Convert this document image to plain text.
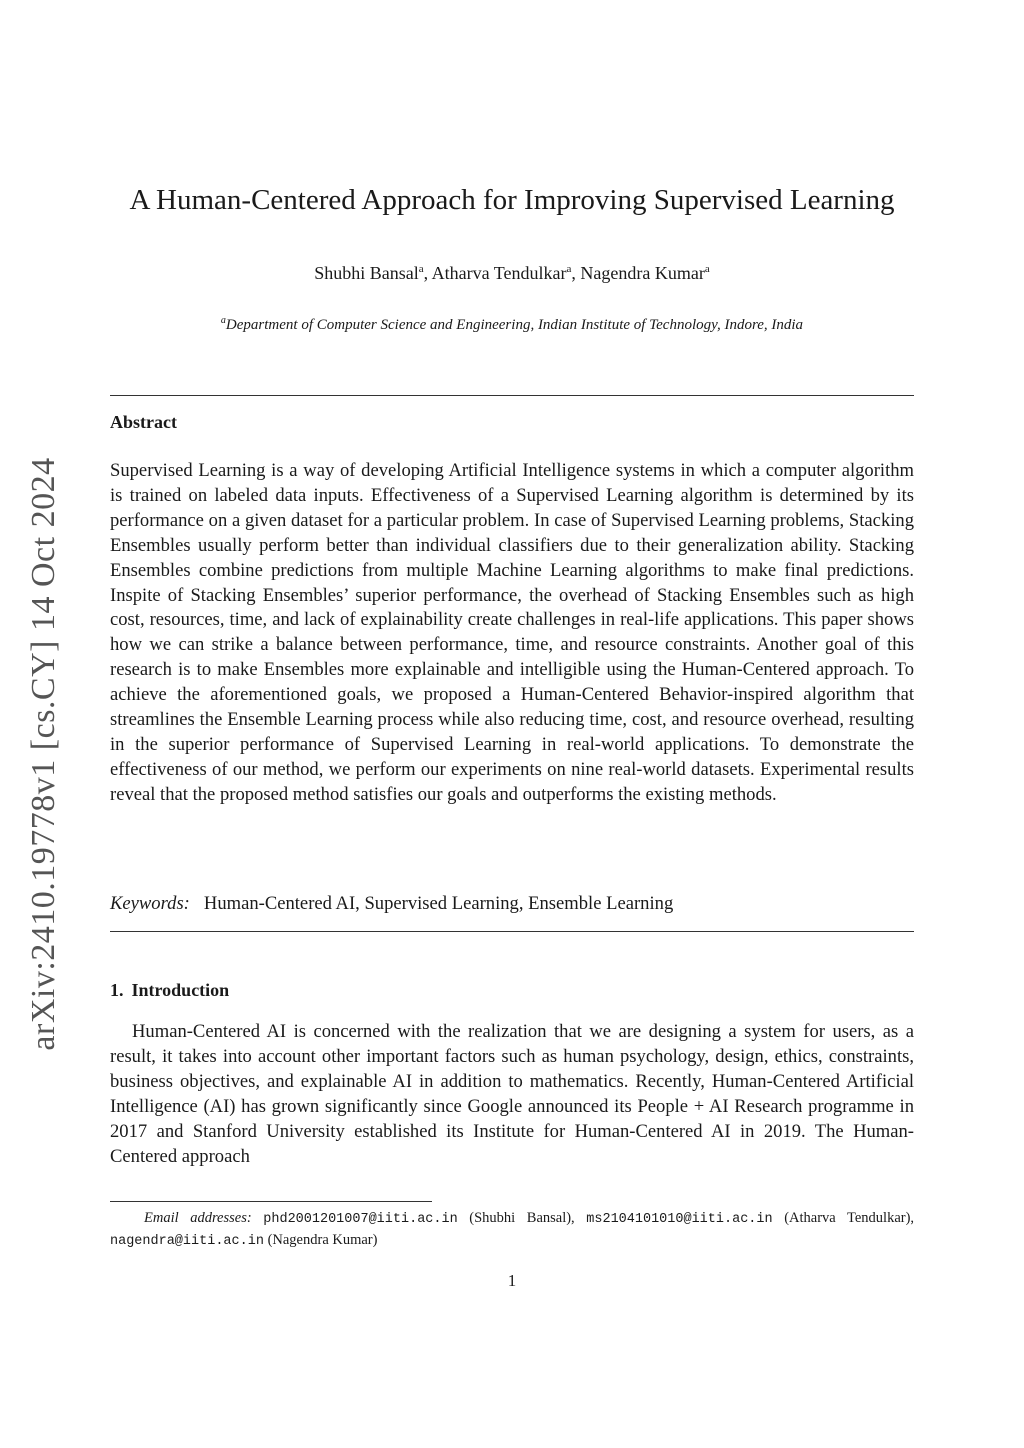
arXiv:2410.19778v1 [cs.CY] 14 Oct 2024
A Human-Centered Approach for Improving Supervised Learning
Shubhi Bansal$^a$, Atharva Tendulkar$^a$, Nagendra Kumar$^a$
$^a$Department of Computer Science and Engineering, Indian Institute of Technology, Indore, India
Abstract

Supervised Learning is a way of developing Artificial Intelligence systems in which a computer algorithm is trained on labeled data inputs. Effectiveness of a Supervised Learning algorithm is determined by its performance on a given dataset for a particular problem. In case of Supervised Learning problems, Stacking Ensembles usually perform better than individual classifiers due to their generalization ability. Stacking Ensembles combine predictions from multiple Machine Learning algorithms to make final predictions. Inspite of Stacking Ensembles’ superior performance, the overhead of Stacking Ensembles such as high cost, resources, time, and lack of explainability create challenges in real-life applications. This paper shows how we can strike a balance between performance, time, and resource constraints. Another goal of this research is to make Ensembles more explainable and intelligible using the Human-Centered approach. To achieve the aforementioned goals, we proposed a Human-Centered Behavior-inspired algorithm that streamlines the Ensemble Learning process while also reducing time, cost, and resource overhead, resulting in the superior performance of Supervised Learning in real-world applications. To demonstrate the effectiveness of our method, we perform our experiments on nine real-world datasets. Experimental results reveal that the proposed method satisfies our goals and outperforms the existing methods.

Keywords: Human-Centered AI, Supervised Learning, Ensemble Learning
1. Introduction

Human-Centered AI is concerned with the realization that we are designing a system for users, as a result, it takes into account other important factors such as human psychology, design, ethics, constraints, business objectives, and explainable AI in addition to mathematics. Recently, Human-Centered Artificial Intelligence (AI) has grown significantly since Google announced its People + AI Research programme in 2017 and Stanford University established its Institute for Human-Centered AI in 2019. The Human-Centered approach

Email addresses: phd2001201007@iiti.ac.in (Shubhi Bansal), ms2104101010@iiti.ac.in (Atharva Tendulkar), nagendra@iiti.ac.in (Nagendra Kumar)
1
